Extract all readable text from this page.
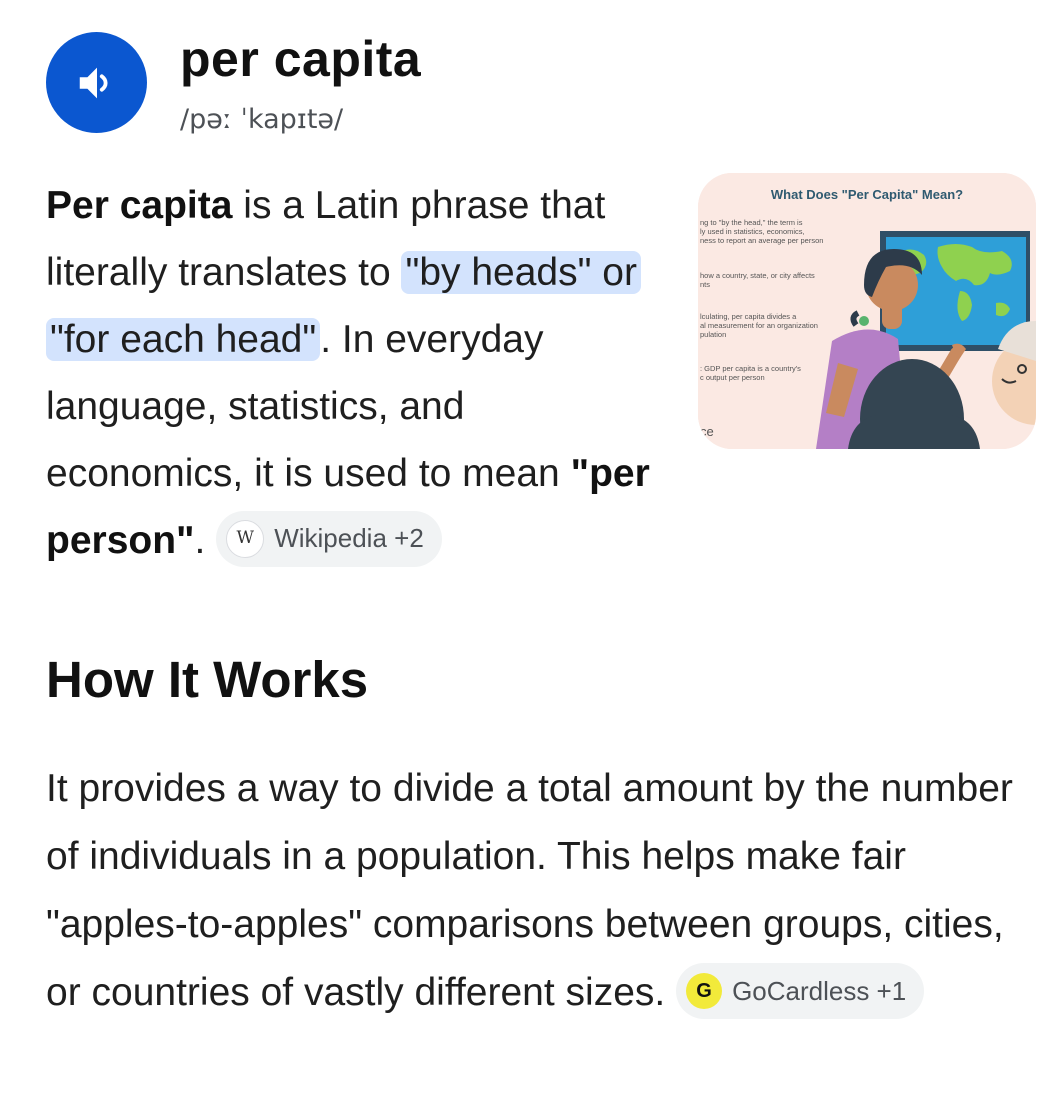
per capita
/pəː ˈkapɪtə/
Per capita is a Latin phrase that literally translates to "by heads" or "for each head" . In everyday language, statistics, and economics, it is used to mean "per person".	W Wikipedia +2
What Does "Per Capita" Mean?
ng to "by the head," the term is
ly used in statistics, economics,
ness to report an average per person
how a country, state, or city affects
nts
lculating, per capita divides a
al measurement for an organization
pulation
: GDP per capita is a country's
c output per person
ce
How It Works
It provides a way to divide a total amount by the number of individuals in a population. This helps make fair "apples-to-apples" comparisons between groups, cities, or countries of vastly different sizes.	G GoCardless +1
